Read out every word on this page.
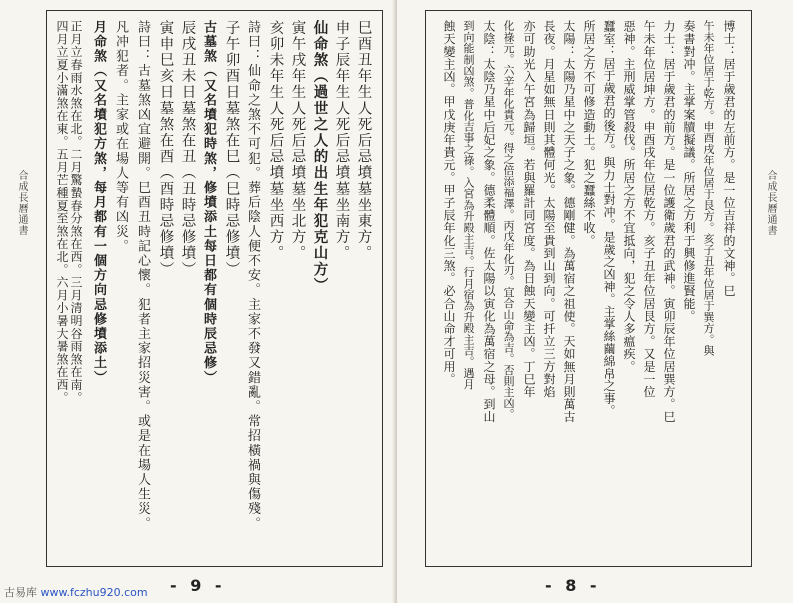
合成長曆通書	巳酉丑年生人死后忌墳墓坐東方。
申子辰年生人死后忌墳墓坐南方。
仙命煞（過世之人的出生年犯克山方）
寅午戌年生人死后忌墳墓坐北方。
亥卯未年生人死后忌墳墓坐西方。
詩曰：仙命之煞不可犯。葬后陰人便不安。主家不發又錯亂。常招橫禍與傷殘。
子午卯酉日墓煞在巳（巳時忌修墳）
古墓煞（又名墳犯時煞，修墳添土每日都有個時辰忌修）
辰戌丑未日墓煞在丑（丑時忌修墳）
寅申巳亥日墓煞在酉（酉時忌修墳）
詩曰：古墓煞凶宜避開。巳酉丑時記心懷。犯者主家招災害。或是在場人生災。
凡冲犯者。主家或在場人等有凶災。
月命煞（又名墳犯方煞，每月都有一個方向忌修墳添土）
正月立春雨水煞在北。二月驚蟄春分煞在西。三月清明谷雨煞在南。	合成長曆通書
博士：居于歲君的左前方。是一位吉祥的文神。巳
午未年位居于乾方。申酉戌年位居于艮方。亥子丑年位居于巽方。與
奏書對冲。主掌案牘擬議。所居之方利于興修進賢能。
力士：居于歲君的前方。是一位護衛歲君的武神。寅卯辰年位居巽方。巳
午未年位居坤方。申酉戌年位居乾方。亥子丑年位居艮方。又是一位
惡神。主刑威掌管殺伐。所居之方不宜抵向，犯之令人多瘟疾。
蠶室：居于歲君的後方。與力士對冲。是歲之凶神。主掌絲繭綿帛之事。
所居之方不可修造動土。犯之蠶絲不收。
太陽：太陽乃星中之天子之象。德剛健。為萬宿之祖使。天如無月則萬古
長夜。月星如無日則其體何光。太陽至貴到山到向。可扦立三方對焰
亦可助光入午宮為歸垣。若與羅計同宮度。為日蝕天變主凶。丁巳年
化祿元。六辛年化貴元。得之倍添福澤。丙戊年化刃。宜合山命為吉。否則主凶。
太陰：太陰乃星中后妃之象。德柔體順。佐太陽以寅化為萬宿之母。到山
到向能制凶煞。普化吉事之祿。入宮為升殿主吉。行月宿為升殿主吉。遇月
蝕天變主凶。甲戊庚年貴元。甲子辰年化三煞。必合山命才可用。
四月立夏小滿煞在東。五月芒種夏至煞在北。六月小暑大暑煞在西。
- 9 -	- 8 -
古易库 www.fczhu920.com
